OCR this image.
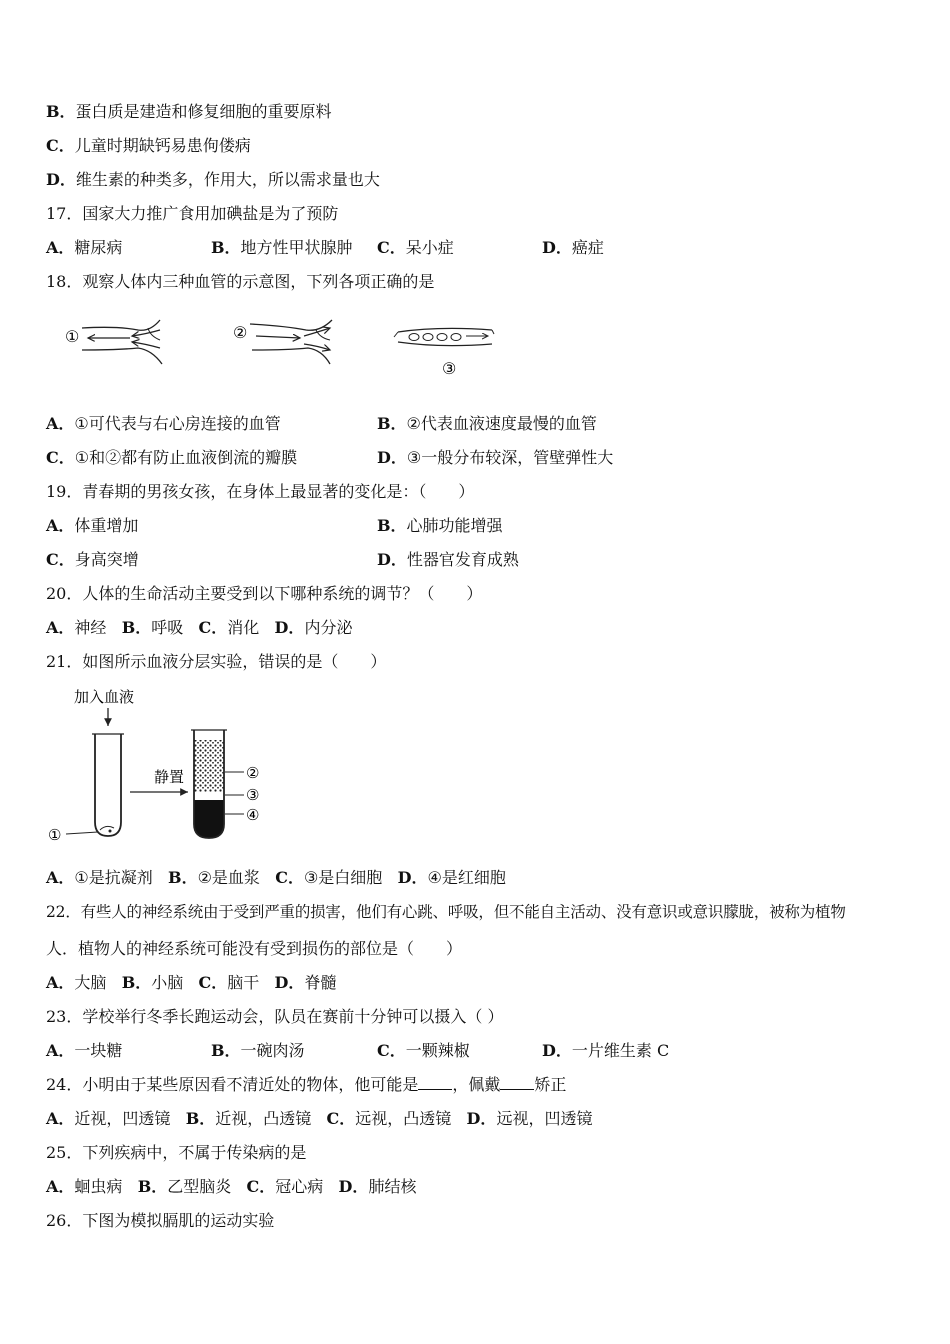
B．蛋白质是建造和修复细胞的重要原料
C．儿童时期缺钙易患佝偻病
D．维生素的种类多，作用大，所以需求量也大
17．国家大力推广食用加碘盐是为了预防
A．糖尿病	B．地方性甲状腺肿 C．呆小症	D．癌症
18．观察人体内三种血管的示意图，下列各项正确的是
①	②
③
A．①可代表与右心房连接的血管	B．②代表血液速度最慢的血管
C．①和②都有防止血液倒流的瓣膜	D．③一般分布较深，管壁弹性大
19．青春期的男孩女孩，在身体上最显著的变化是：（　　）
A．体重增加	B．心肺功能增强
C．身高突增	D．性器官发育成熟
20．人体的生命活动主要受到以下哪种系统的调节？（　　）
A．神经 B．呼吸 C．消化 D．内分泌
21．如图所示血液分层实验，错误的是（　　）
加入血液
①
静置	②
③
④
A．①是抗凝剂 B．②是血浆 C．③是白细胞 D．④是红细胞
22．有些人的神经系统由于受到严重的损害，他们有心跳、呼吸，但不能自主活动、没有意识或意识朦胧，被称为植物
人．植物人的神经系统可能没有受到损伤的部位是（　　）
A．大脑 B．小脑 C．脑干 D．脊髓
23．学校举行冬季长跑运动会，队员在赛前十分钟可以摄入（ ）
A．一块糖	B．一碗肉汤	C．一颗辣椒	D．一片维生素 C
24．小明由于某些原因看不清近处的物体，他可能是 ，佩戴 矫正
A．近视，凹透镜 B．近视，凸透镜 C．远视，凸透镜 D．远视，凹透镜
25．下列疾病中，不属于传染病的是
A．蛔虫病 B．乙型脑炎 C．冠心病 D．肺结核
26．下图为模拟膈肌的运动实验
